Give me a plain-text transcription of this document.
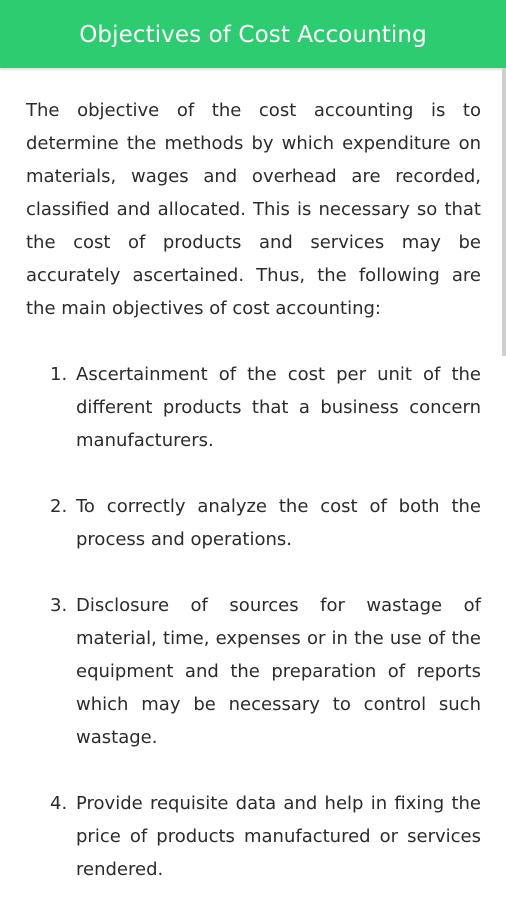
Objectives of Cost Accounting

The objective of the cost accounting is to determine the methods by which expenditure on materials, wages and overhead are recorded, classified and allocated. This is necessary so that the cost of products and services may be accurately ascertained. Thus, the following are the main objectives of cost accounting:

1. Ascertainment of the cost per unit of the different products that a business concern manufacturers.
2. To correctly analyze the cost of both the process and operations.
3. Disclosure of sources for wastage of material, time, expenses or in the use of the equipment and the preparation of reports which may be necessary to control such wastage.
4. Provide requisite data and help in fixing the price of products manufactured or services rendered.
